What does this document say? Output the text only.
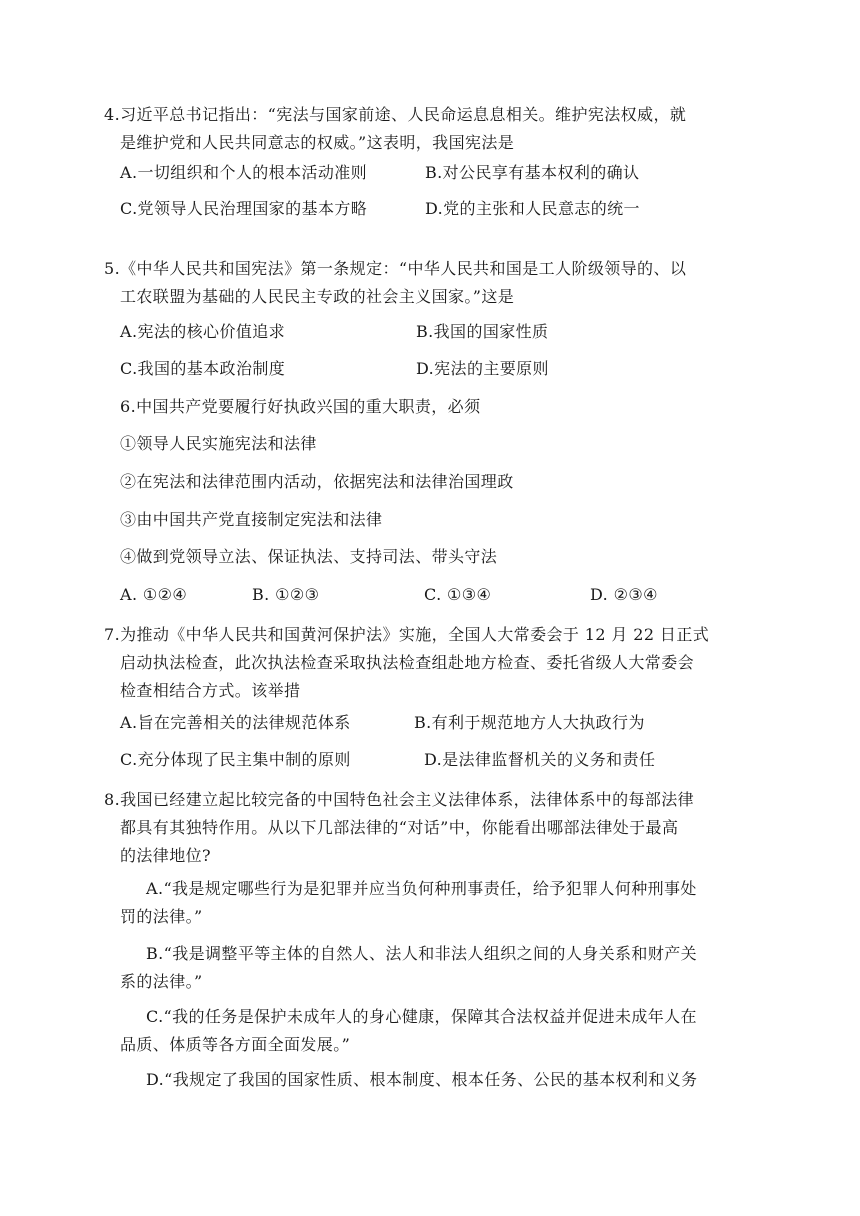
4.习近平总书记指出：“宪法与国家前途、人民命运息息相关。维护宪法权威，就
是维护党和人民共同意志的权威。”这表明，我国宪法是
A.一切组织和个人的根本活动准则	B.对公民享有基本权利的确认
C.党领导人民治理国家的基本方略	D.党的主张和人民意志的统一
5.《中华人民共和国宪法》第一条规定：“中华人民共和国是工人阶级领导的、以
工农联盟为基础的人民民主专政的社会主义国家。”这是
A.宪法的核心价值追求	B.我国的国家性质
C.我国的基本政治制度	D.宪法的主要原则
6.中国共产党要履行好执政兴国的重大职责，必须
①领导人民实施宪法和法律
②在宪法和法律范围内活动，依据宪法和法律治国理政
③由中国共产党直接制定宪法和法律
④做到党领导立法、保证执法、支持司法、带头守法
A. ①②④	B. ①②③	C. ①③④	D. ②③④
7.为推动《中华人民共和国黄河保护法》实施，全国人大常委会于 12 月 22 日正式
启动执法检查，此次执法检查采取执法检查组赴地方检查、委托省级人大常委会
检查相结合方式。该举措
A.旨在完善相关的法律规范体系	B.有利于规范地方人大执政行为
C.充分体现了民主集中制的原则	D.是法律监督机关的义务和责任
8.我国已经建立起比较完备的中国特色社会主义法律体系，法律体系中的每部法律
都具有其独特作用。从以下几部法律的“对话”中，你能看出哪部法律处于最高
的法律地位?
A.“我是规定哪些行为是犯罪并应当负何种刑事责任，给予犯罪人何种刑事处
罚的法律。”
B.“我是调整平等主体的自然人、法人和非法人组织之间的人身关系和财产关
系的法律。”
C.“我的任务是保护未成年人的身心健康，保障其合法权益并促进未成年人在
品质、体质等各方面全面发展。”
D.“我规定了我国的国家性质、根本制度、根本任务、公民的基本权利和义务
